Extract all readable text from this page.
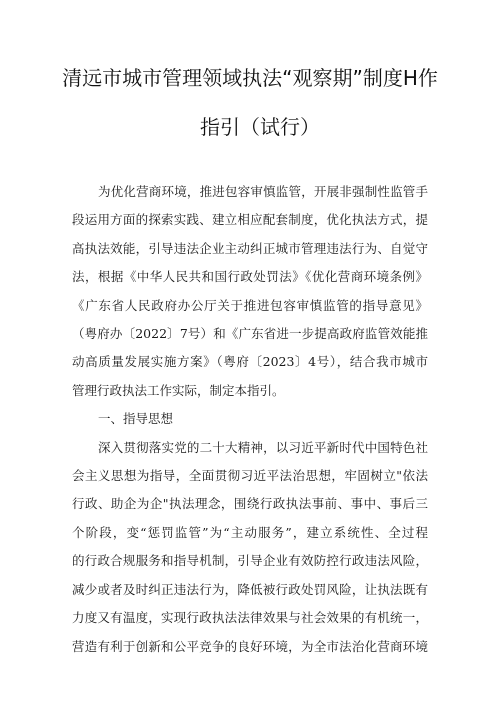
清远市城市管理领域执法“观察期”制度H作
指引（试行）

为优化营商环境，推进包容审慎监管，开展非强制性监管手
段运用方面的探索实践、建立相应配套制度，优化执法方式，提
高执法效能，引导违法企业主动纠正城市管理违法行为、自觉守
法，根据《中华人民共和国行政处罚法》《优化营商环境条例》
《广东省人民政府办公厅关于推进包容审慎监管的指导意见》
（粤府办〔2022〕7号）和《广东省进一步提高政府监管效能推
动高质量发展实施方案》（粤府〔2023〕4号），结合我市城市
管理行政执法工作实际，制定本指引。

一、指导思想

深入贯彻落实党的二十大精神，以习近平新时代中国特色社
会主义思想为指导，全面贯彻习近平法治思想，牢固树立"依法
行政、助企为企"执法理念，围绕行政执法事前、事中、事后三
个阶段，变“惩罚监管”为“主动服务”，建立系统性、全过程
的行政合规服务和指导机制，引导企业有效防控行政违法风险，
减少或者及时纠正违法行为，降低被行政处罚风险，让执法既有
力度又有温度，实现行政执法法律效果与社会效果的有机统一，
营造有利于创新和公平竞争的良好环境，为全市法治化营商环境
